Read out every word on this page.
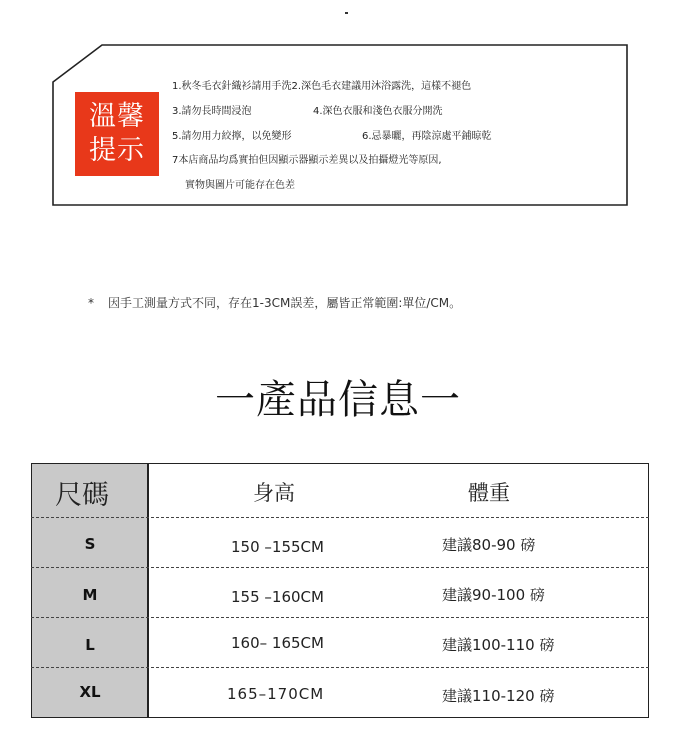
溫馨
提示
1.秋冬毛衣針織衫請用手洗2.深色毛衣建議用沐浴露洗，這樣不褪色
3.請勿長時間浸泡	4.深色衣服和淺色衣服分開洗
5.請勿用力絞擰，以免變形	6.忌暴曬，再陰涼處平鋪晾乾
7本店商品均爲實拍但因顯示器顯示差異以及拍攝燈光等原因,
實物與圖片可能存在色差
* 因手工測量方式不同，存在1-3CM誤差，屬皆正常範圍:單位/CM。
一產品信息一
尺碼	身高	體重
S	150 –155CM	建議80-90 磅
M	155 –160CM	建議90-100 磅
L	160– 165CM	建議100-110 磅
XL	165–170CM	建議110-120 磅
